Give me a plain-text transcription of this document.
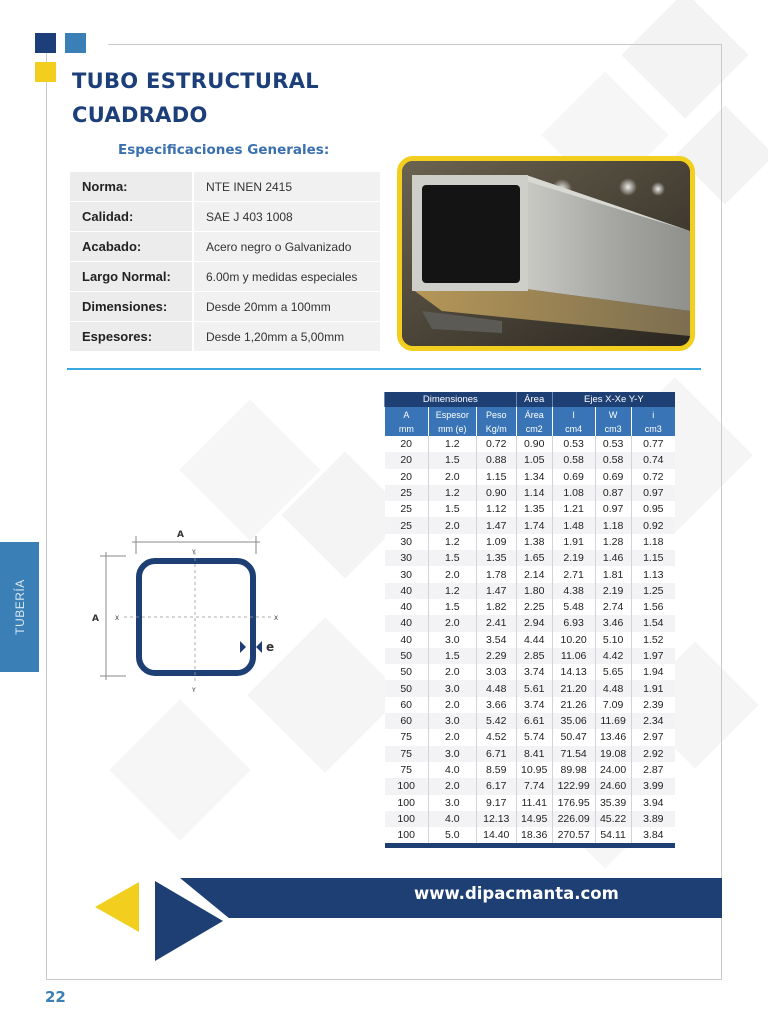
TUBO ESTRUCTURAL
CUADRADO
Especificaciones Generales:
Norma:	NTE INEN 2415
Calidad:	SAE J 403 1008
Acabado:	Acero negro o Galvanizado
Largo Normal:	6.00m y medidas especiales
Dimensiones:	Desde 20mm a 100mm
Espesores:	Desde 1,20mm a 5,00mm
A
A
Y
Y
X	X
e
TUBERÍA
Dimensiones			Área	Ejes X-Xe Y-Y		
A	Espesor	Peso	Área	I	W	i
mm	mm (e)	Kg/m	cm2	cm4	cm3	cm3
20	1.2	0.72	0.90	0.53	0.53	0.77
20	1.5	0.88	1.05	0.58	0.58	0.74
20	2.0	1.15	1.34	0.69	0.69	0.72
25	1.2	0.90	1.14	1.08	0.87	0.97
25	1.5	1.12	1.35	1.21	0.97	0.95
25	2.0	1.47	1.74	1.48	1.18	0.92
30	1.2	1.09	1.38	1.91	1.28	1.18
30	1.5	1.35	1.65	2.19	1.46	1.15
30	2.0	1.78	2.14	2.71	1.81	1.13
40	1.2	1.47	1.80	4.38	2.19	1.25
40	1.5	1.82	2.25	5.48	2.74	1.56
40	2.0	2.41	2.94	6.93	3.46	1.54
40	3.0	3.54	4.44	10.20	5.10	1.52
50	1.5	2.29	2.85	11.06	4.42	1.97
50	2.0	3.03	3.74	14.13	5.65	1.94
50	3.0	4.48	5.61	21.20	4.48	1.91
60	2.0	3.66	3.74	21.26	7.09	2.39
60	3.0	5.42	6.61	35.06	11.69	2.34
75	2.0	4.52	5.74	50.47	13.46	2.97
75	3.0	6.71	8.41	71.54	19.08	2.92
75	4.0	8.59	10.95	89.98	24.00	2.87
100	2.0	6.17	7.74	122.99	24.60	3.99
100	3.0	9.17	11.41	176.95	35.39	3.94
100	4.0	12.13	14.95	226.09	45.22	3.89
100	5.0	14.40	18.36	270.57	54.11	3.84

www.dipacmanta.com
22
